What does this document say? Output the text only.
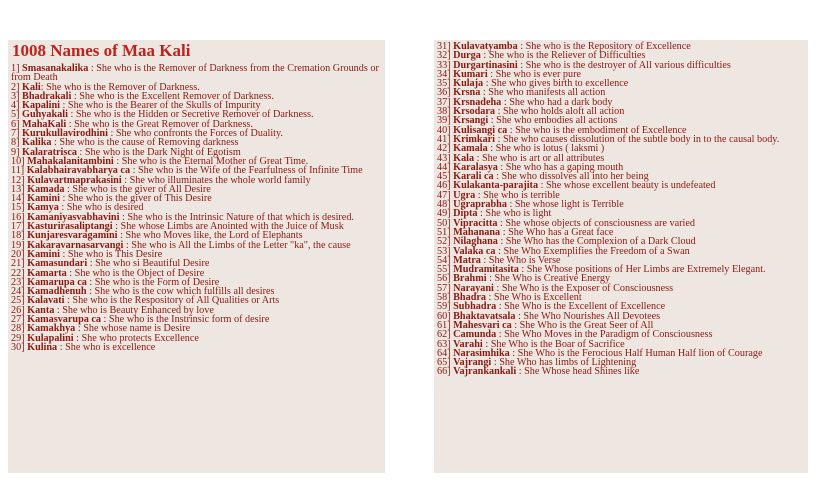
1008 Names of Maa Kali

1] Smasanakalika : She who is the Remover of Darkness from the Cremation Grounds or from Death

2] Kali: She who is the Remover of Darkness.

3] Bhadrakali : She who is the Excellent Remover of Darkness.

4] Kapalini : She who is the Bearer of the Skulls of Impurity

5] Guhyakali : She who is the Hidden or Secretive Remover of Darkness.

6] MahaKali : She who is the Great Remover of Darkness.

7] Kurukullavirodhini : She who confronts the Forces of Duality.

8] Kalika : She who is the cause of Removing darkness

9] Kalaratrisca : She who is the Dark Night of Egotism

10] Mahakalanitambini : She who is the Eternal Mother of Great Time.

11] Kalabhairavabharya ca : She who is the Wife of the Fearfulness of Infinite Time

12] Kulavartmaprakasini : She who illuminates the whole world family

13] Kamada : She who is the giver of All Desire

14] Kamini : She who is the giver of This Desire

15] Kamya : She who is desired

16] Kamaniyasvabhavini : She who is the Intrinsic Nature of that which is desired.

17] Kasturirasaliptangi : She whose Limbs are Anointed with the Juice of Musk

18] Kunjaresvaragamini : She who Moves like, the Lord of Elephants

19] Kakaravarnasarvangi : She who is All the Limbs of the Letter "ka", the cause

20] Kamini : She who is This Desire

21] Kamasundari : She who si Beautiful Desire

22] Kamarta : She who is the Object of Desire

23] Kamarupa ca : She who is the Form of Desire

24] Kamadhenuh : She who is the cow which fulfills all desires

25] Kalavati : She who is the Respository of All Qualities or Arts

26] Kanta : She who is Beauty Enhanced by love

27] Kamasvarupa ca : She who is the Instrinsic form of desire

28] Kamakhya : She whose name is Desire

29] Kulapalini : She who protects Excellence

30] Kulina : She who is excellence

31] Kulavatyamba : She who is the Repository of Excellence

32] Durga : She who is the Reliever of Difficulties

33] Durgartinasini : She who is the destroyer of All various difficulties

34] Kumari : She who is ever pure

35] Kulaja : She who gives birth to excellence

36] Krsna : She who manifests all action

37] Krsnadeha : She who had a dark body

38] Krsodara : She who holds aloft all action

39] Krsangi : She who embodies all actions

40] Kulisangi ca : She who is the embodiment of Excellence

41] Krimkari : She who causes dissolution of the subtle body in to the causal body.

42] Kamala : She who is lotus ( laksmi )

43] Kala : She who is art or all attributes

44] Karalasya : She who has a gaping mouth

45] Karali ca : She who dissolves all into her being

46] Kulakanta-parajita : She whose excellent beauty is undefeated

47] Ugra : She who is terrible

48] Ugraprabha : She whose light is Terrible

49] Dipta : She who is light

50] Vipracitta : She whose objects of consciousness are varied

51] Mahanana : She Who has a Great face

52] Nilaghana : She Who has the Complexion of a Dark Cloud

53] Valaka ca : She Who Exemplifies the Freedom of a Swan

54] Matra : She Who is Verse

55] Mudramitasita : She Whose positions of Her Limbs are Extremely Elegant.

56] Brahmi : She Who is Creative Energy

57] Narayani : She Who is the Exposer of Consciousness

58] Bhadra : She Who is Excellent

59] Subhadra : She Who is the Excellent of Excellence

60] Bhaktavatsala : She Who Nourishes All Devotees

61] Mahesvari ca : She Who is the Great Seer of All

62] Camunda : She Who Moves in the Paradigm of Consciousness

63] Varahi : She Who is the Boar of Sacrifice

64] Narasimhika : She Who is the Ferocious Half Human Half lion of Courage

65] Vajrangi : She Who has limbs of Lightening

66] Vajrankankali : She Whose head Shines like
